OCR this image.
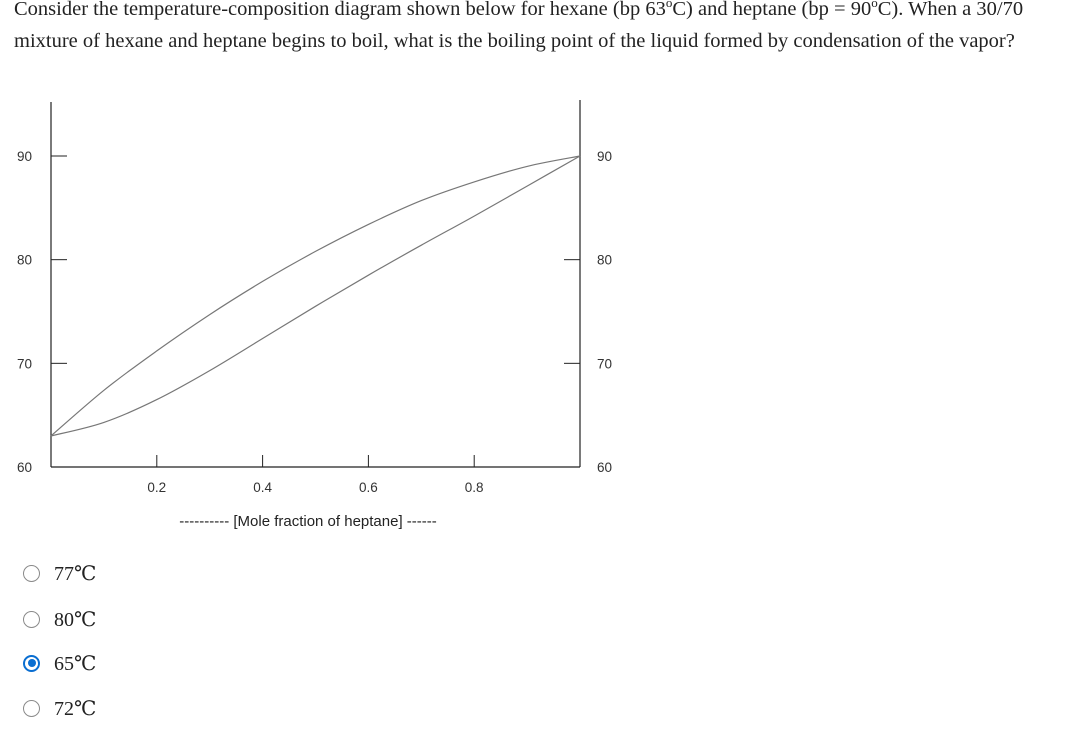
Consider the temperature-composition diagram shown below for hexane (bp 63$^o$C) and heptane $(bp = 90^oC)$. When a 30/70 mixture of hexane and heptane begins to boil, what is the boiling point of the liquid formed by condensation of the vapor?
90
80
70
60
90
80
70
60
0.2	0.4	0.6	0.8
---------- [Mole fraction of heptane] ------
77℃
80℃
65℃
72℃
